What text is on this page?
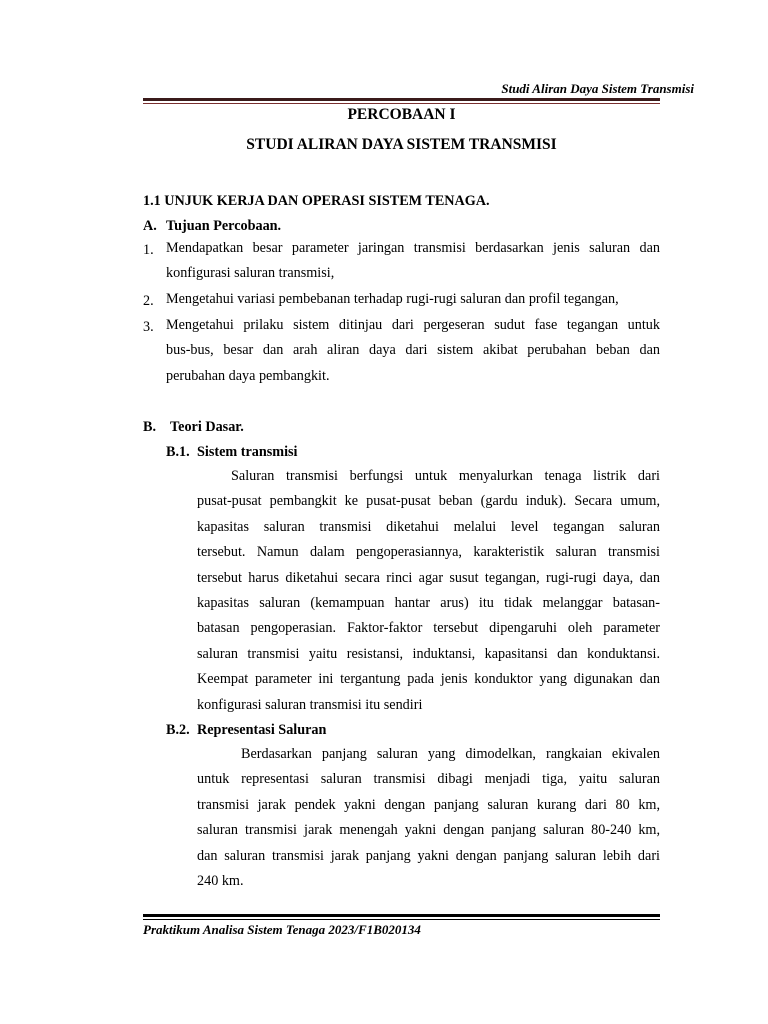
Studi Aliran Daya Sistem Transmisi
PERCOBAAN I
STUDI ALIRAN DAYA SISTEM TRANSMISI
1.1 UNJUK KERJA DAN OPERASI SISTEM TENAGA.
A. Tujuan Percobaan.
1. Mendapatkan besar parameter jaringan transmisi berdasarkan jenis saluran dan
konfigurasi saluran transmisi,
2. Mengetahui variasi pembebanan terhadap rugi-rugi saluran dan profil tegangan,
3. Mengetahui prilaku sistem ditinjau dari pergeseran sudut fase tegangan untuk
bus-bus, besar dan arah aliran daya dari sistem akibat perubahan beban dan
perubahan daya pembangkit.
B. Teori Dasar.
B.1. Sistem transmisi
Saluran transmisi berfungsi untuk menyalurkan tenaga listrik dari
pusat-pusat pembangkit ke pusat-pusat beban (gardu induk). Secara umum,
kapasitas saluran transmisi diketahui melalui level tegangan saluran
tersebut. Namun dalam pengoperasiannya, karakteristik saluran transmisi
tersebut harus diketahui secara rinci agar susut tegangan, rugi-rugi daya, dan
kapasitas saluran (kemampuan hantar arus) itu tidak melanggar batasan-
batasan pengoperasian. Faktor-faktor tersebut dipengaruhi oleh parameter
saluran transmisi yaitu resistansi, induktansi, kapasitansi dan konduktansi.
Keempat parameter ini tergantung pada jenis konduktor yang digunakan dan
konfigurasi saluran transmisi itu sendiri
B.2. Representasi Saluran
Berdasarkan panjang saluran yang dimodelkan, rangkaian ekivalen
untuk representasi saluran transmisi dibagi menjadi tiga, yaitu saluran
transmisi jarak pendek yakni dengan panjang saluran kurang dari 80 km,
saluran transmisi jarak menengah yakni dengan panjang saluran 80-240 km,
dan saluran transmisi jarak panjang yakni dengan panjang saluran lebih dari
240 km.
Praktikum Analisa Sistem Tenaga 2023/F1B020134
